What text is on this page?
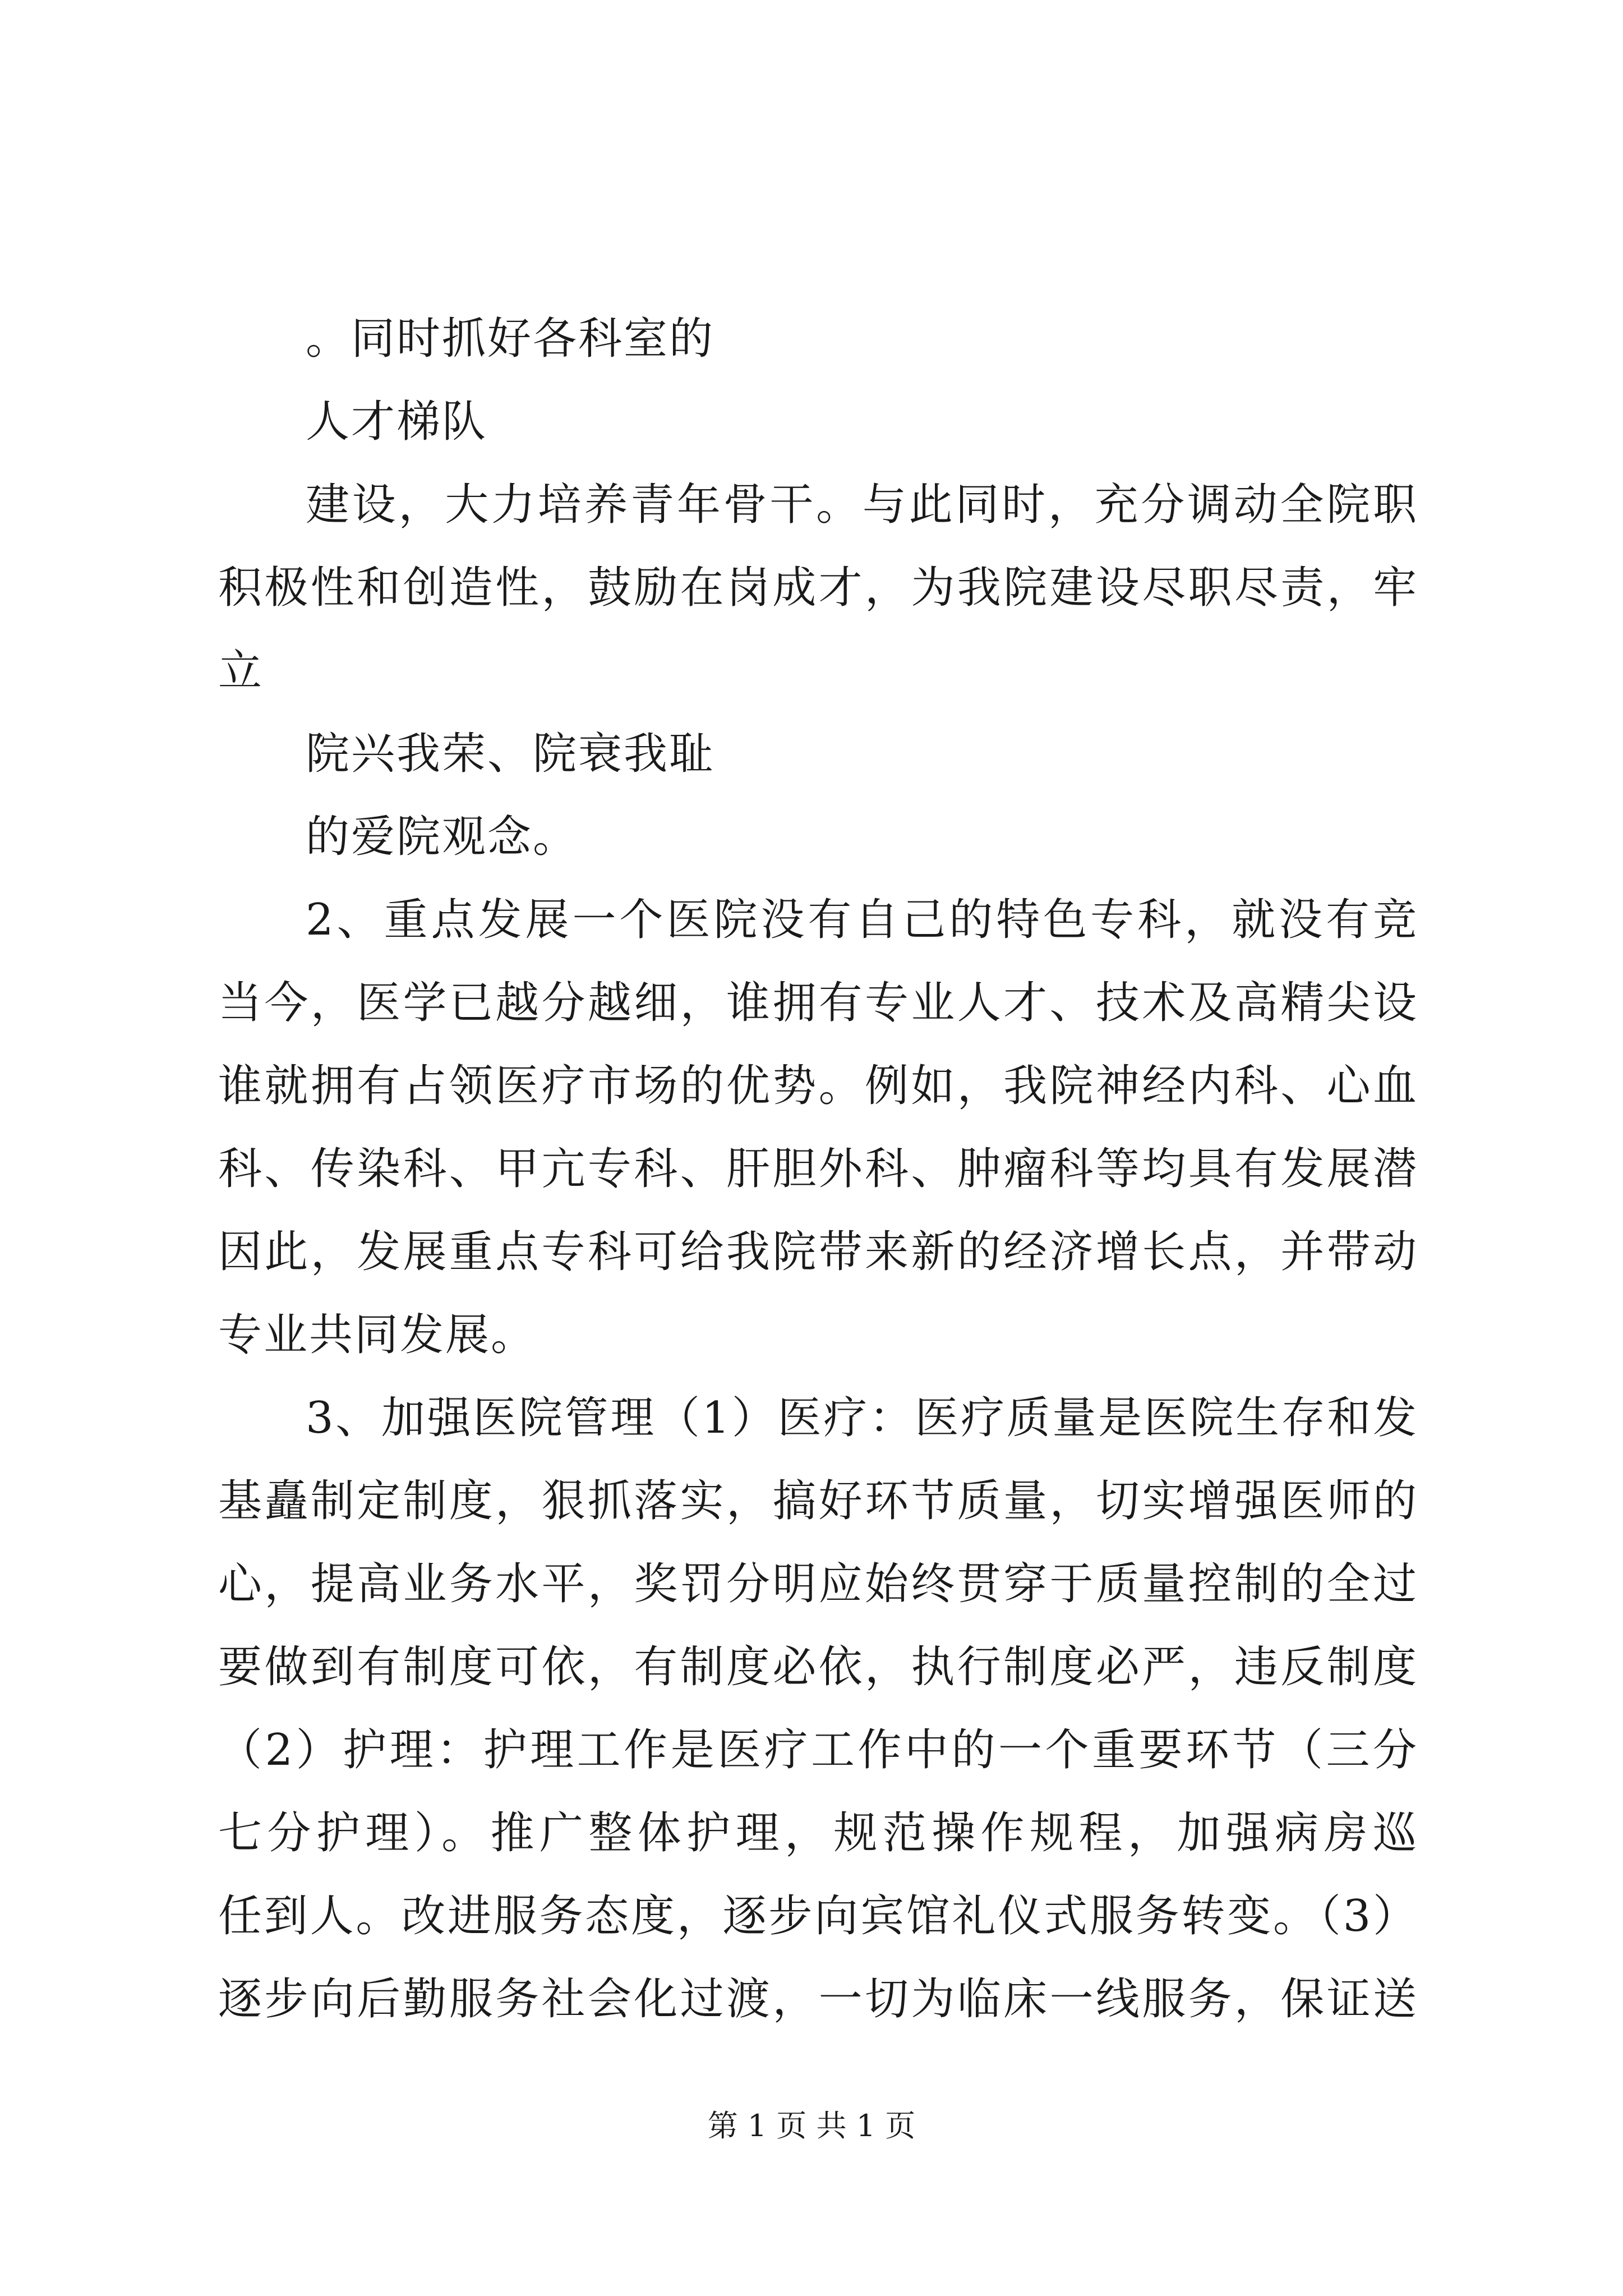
。同时抓好各科室的
人才梯队
建设，大力培养青年骨干。与此同时，充分调动全院职
积极性和创造性，鼓励在岗成才，为我院建设尽职尽责，牢
立
院兴我荣、院衰我耻
的爱院观念。
2、重点发展一个医院没有自己的特色专科，就没有竞
当今，医学已越分越细，谁拥有专业人才、技术及高精尖设
谁就拥有占领医疗市场的优势。例如，我院神经内科、心血
科、传染科、甲亢专科、肝胆外科、肿瘤科等均具有发展潜
因此，发展重点专科可给我院带来新的经济增长点，并带动
专业共同发展。
3、加强医院管理（1）医疗：医疗质量是医院生存和发
基矗制定制度，狠抓落实，搞好环节质量，切实增强医师的
心，提高业务水平，奖罚分明应始终贯穿于质量控制的全过
要做到有制度可依，有制度必依，执行制度必严，违反制度
（2）护理：护理工作是医疗工作中的一个重要环节（三分
七分护理）。推广整体护理，规范操作规程，加强病房巡
任到人。改进服务态度，逐步向宾馆礼仪式服务转变。（3）
逐步向后勤服务社会化过渡，一切为临床一线服务，保证送
第 1 页 共 1 页
